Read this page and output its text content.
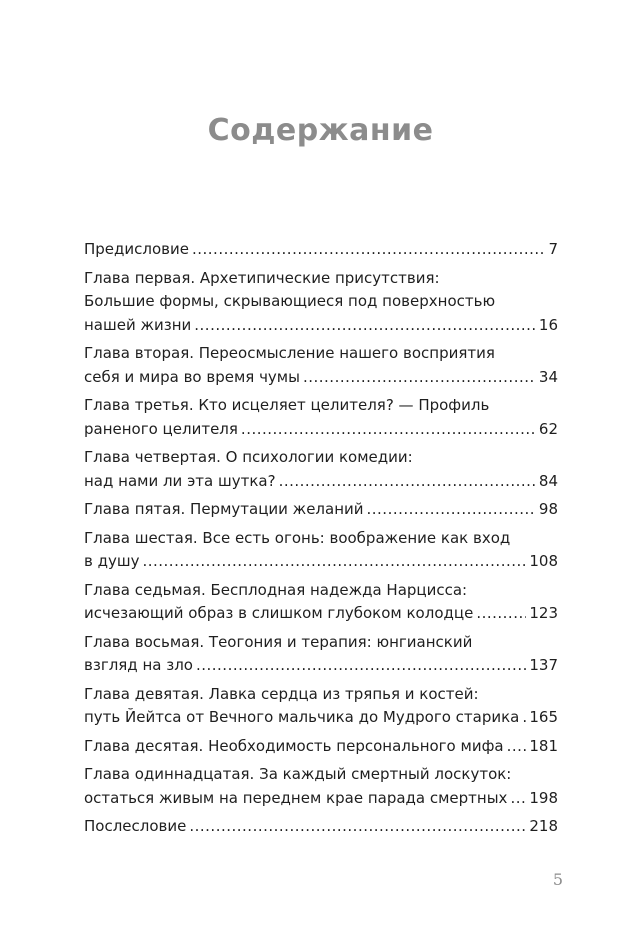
Содержание
Предисловие .....	7
Глава первая. Архетипические присутствия:
Большие формы, скрывающиеся под поверхностью
нашей жизни .....	16
Глава вторая. Переосмысление нашего восприятия
себя и мира во время чумы .....	34
Глава третья. Кто исцеляет целителя? — Профиль
раненого целителя .....	62
Глава четвертая. О психологии комедии:
над нами ли эта шутка? .....	84
Глава пятая. Пермутации желаний .....	98
Глава шестая. Все есть огонь: воображение как вход
в душу .....	108
Глава седьмая. Бесплодная надежда Нарцисса:
исчезающий образ в слишком глубоком колодце .....	123
Глава восьмая. Теогония и терапия: юнгианский
взгляд на зло .....	137
Глава девятая. Лавка сердца из тряпья и костей:
путь Йейтса от Вечного мальчика до Мудрого старика ..... 165
Глава десятая. Необходимость персонального мифа ..... 181
Глава одиннадцатая. За каждый смертный лоскуток:
остаться живым на переднем крае парада смертных ..... 198
Послесловие .....	218
5
